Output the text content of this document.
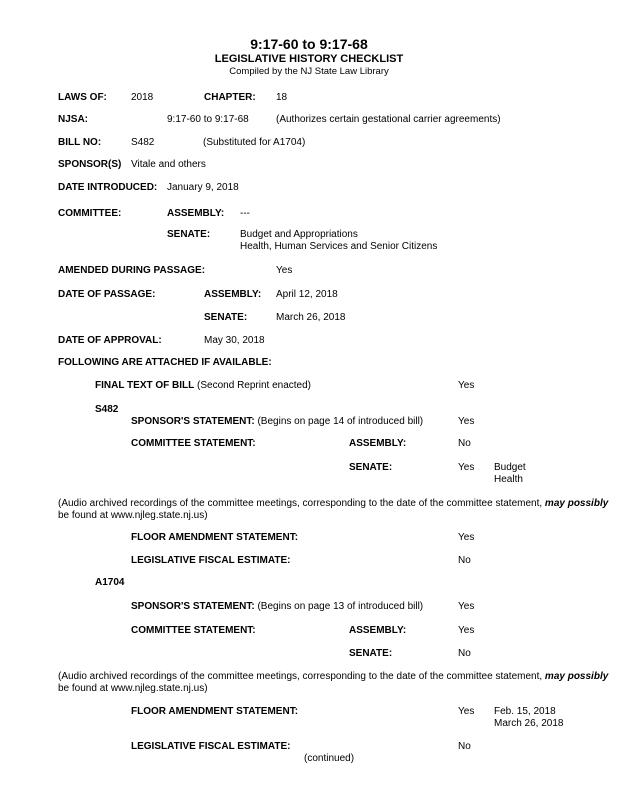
9:17-60 to 9:17-68
LEGISLATIVE HISTORY CHECKLIST
Compiled by the NJ State Law Library
LAWS OF: 2018	CHAPTER: 18
NJSA:	9:17-60 to 9:17-68	(Authorizes certain gestational carrier agreements)
BILL NO:	S482	(Substituted for A1704)
SPONSOR(S) Vitale and others
DATE INTRODUCED: January 9, 2018
COMMITTEE:	ASSEMBLY: ---
SENATE:	Budget and Appropriations
Health, Human Services and Senior Citizens
AMENDED DURING PASSAGE:	Yes
DATE OF PASSAGE:	ASSEMBLY: April 12, 2018
SENATE:	March 26, 2018
DATE OF APPROVAL:	May 30, 2018
FOLLOWING ARE ATTACHED IF AVAILABLE:
FINAL TEXT OF BILL (Second Reprint enacted)	Yes
S482
SPONSOR'S STATEMENT: (Begins on page 14 of introduced bill)	Yes
COMMITTEE STATEMENT:	ASSEMBLY:	No
SENATE:	Yes Budget
Health
(Audio archived recordings of the committee meetings, corresponding to the date of the committee statement, may possibly
be found at www.njleg.state.nj.us)
FLOOR AMENDMENT STATEMENT:	Yes
LEGISLATIVE FISCAL ESTIMATE:	No
A1704
SPONSOR'S STATEMENT: (Begins on page 13 of introduced bill)	Yes
COMMITTEE STATEMENT:	ASSEMBLY:	Yes
SENATE:	No
(Audio archived recordings of the committee meetings, corresponding to the date of the committee statement, may possibly
be found at www.njleg.state.nj.us)
FLOOR AMENDMENT STATEMENT:	Yes Feb. 15, 2018
March 26, 2018
LEGISLATIVE FISCAL ESTIMATE:	No
(continued)
